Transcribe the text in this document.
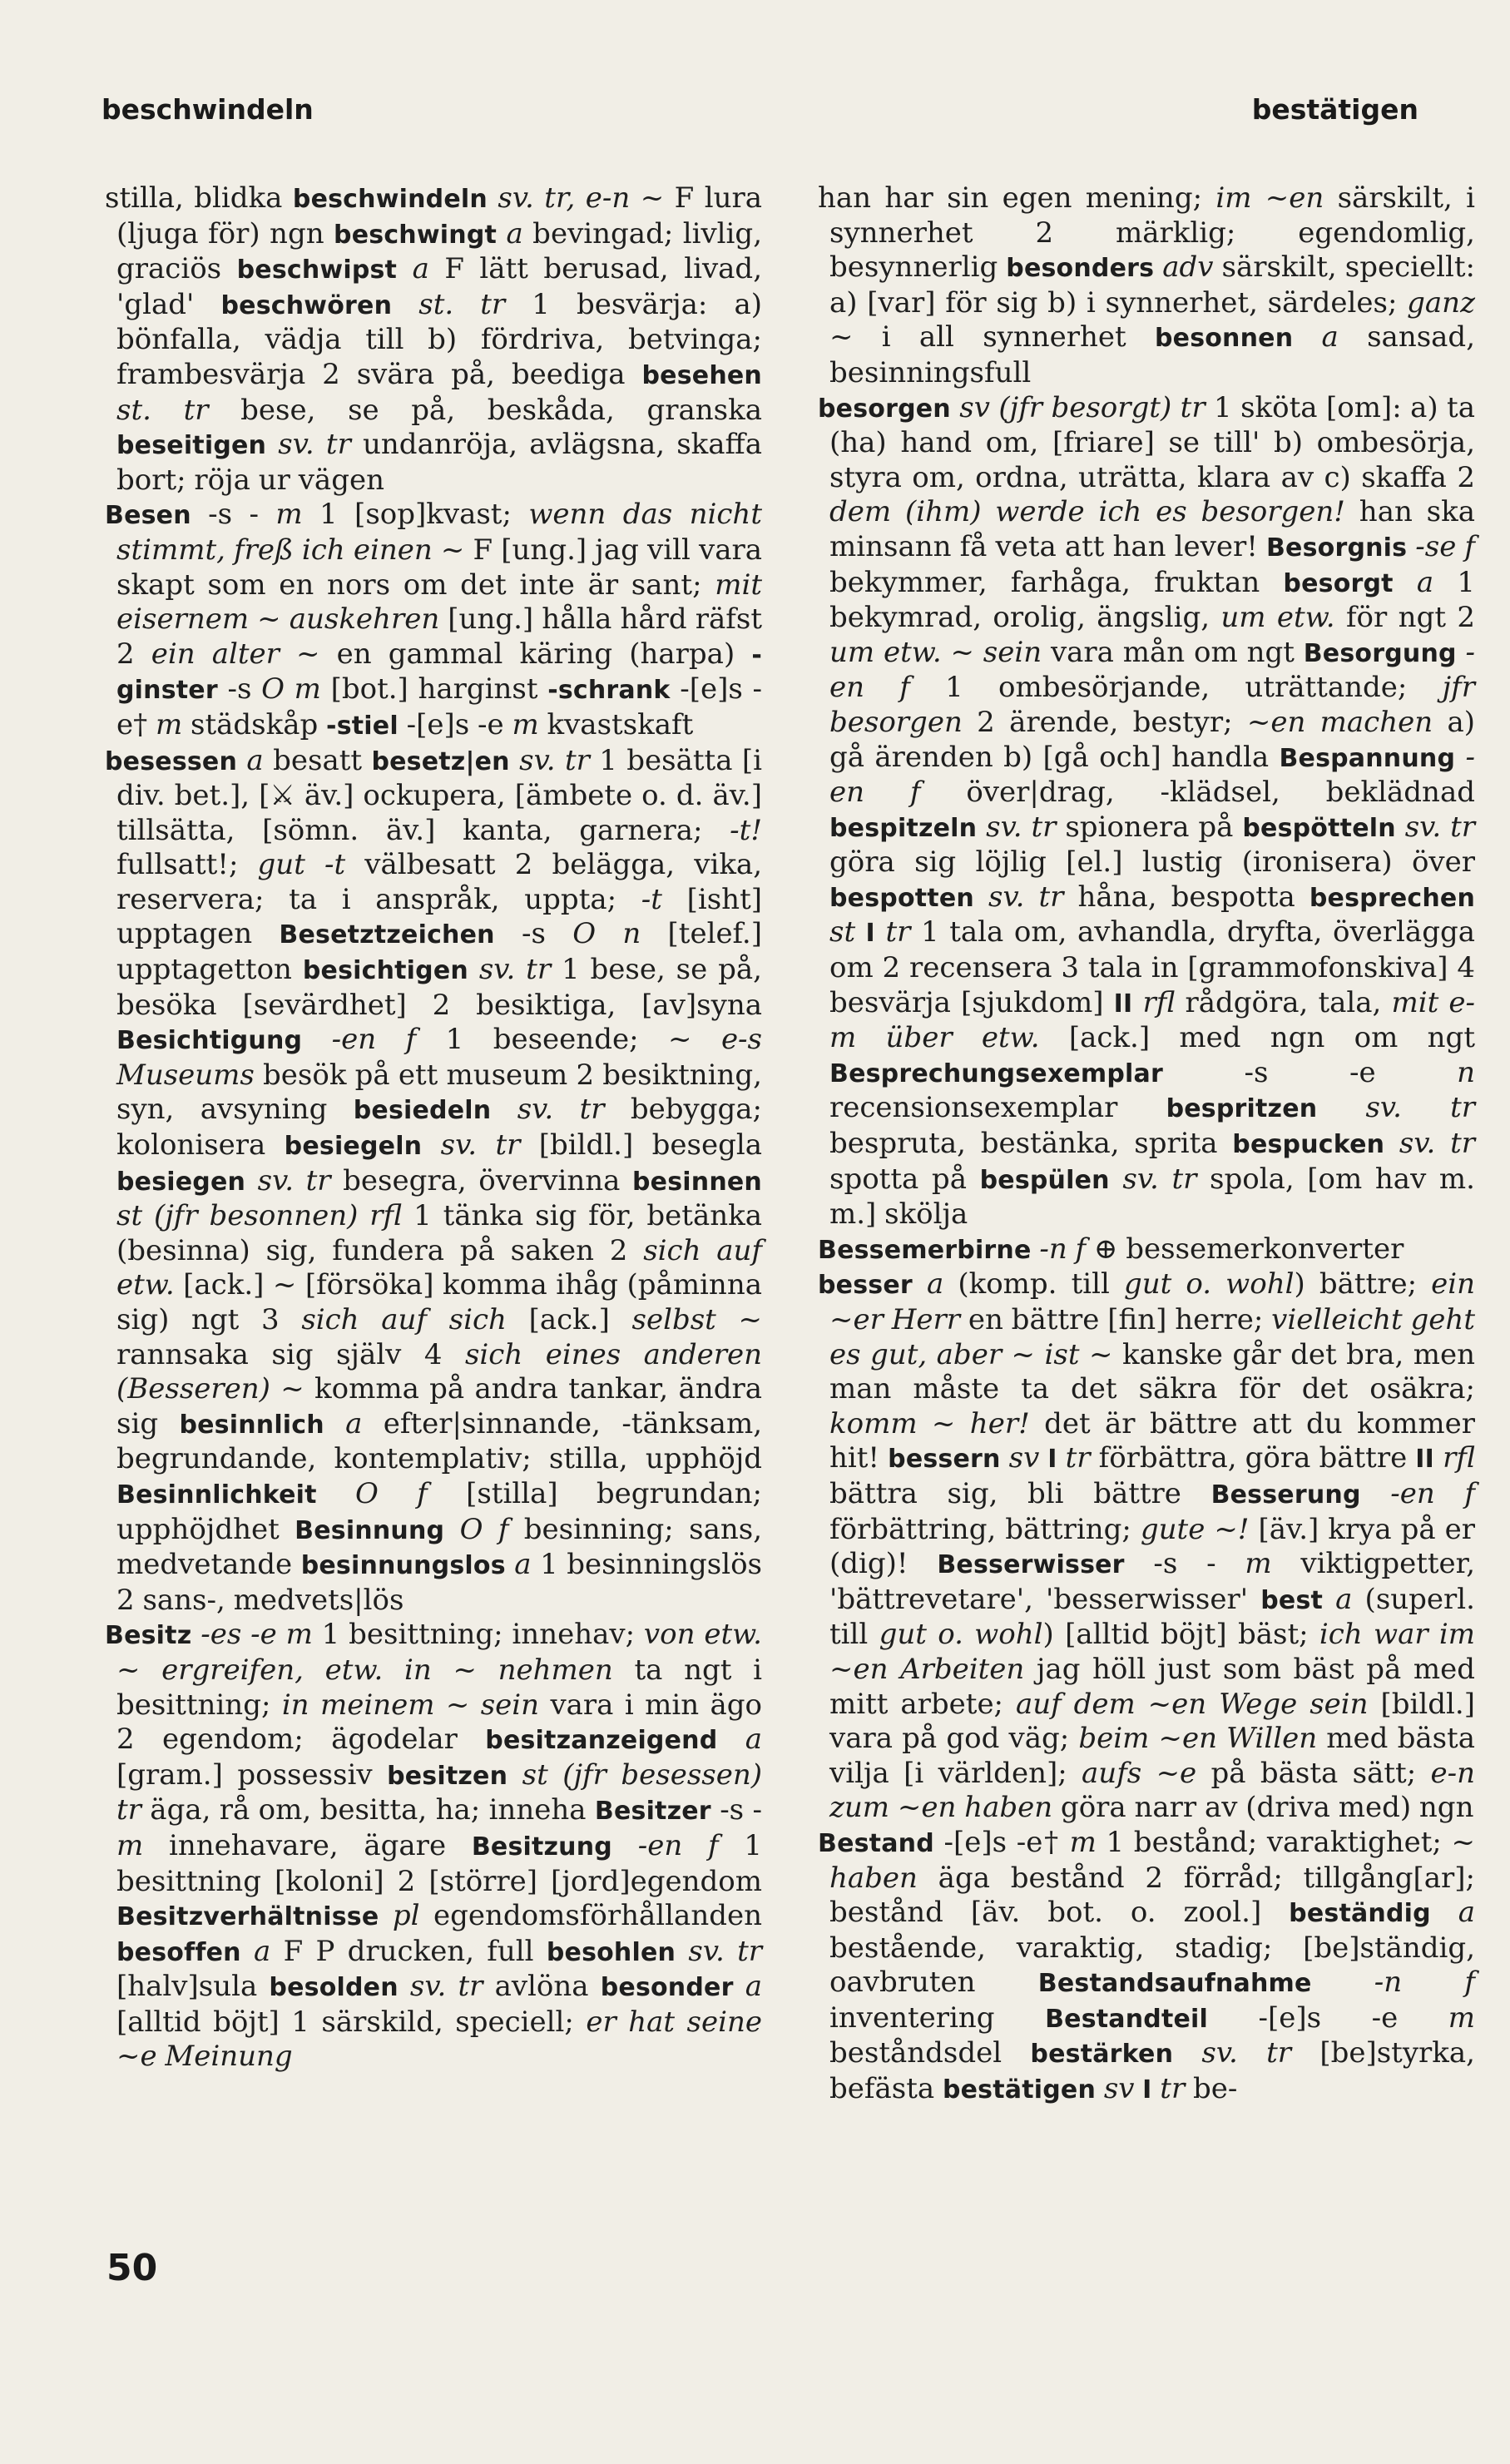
beschwindeln	bestätigen

stilla, blidka beschwindeln sv. tr, e-n ~ F lura (ljuga för) ngn beschwingt a bevingad; livlig, graciös beschwipst a F lätt berusad, livad, 'glad' beschwören st. tr 1 besvärja: a) bönfalla, vädja till b) fördriva, betvinga; frambesvärja 2 svära på, beediga besehen st. tr bese, se på, beskåda, granska beseitigen sv. tr undanröja, avlägsna, skaffa bort; röja ur vägen

Besen -s - m 1 [sop]kvast; wenn das nicht stimmt, freß ich einen ~ F [ung.] jag vill vara skapt som en nors om det inte är sant; mit eisernem ~ auskehren [ung.] hålla hård räfst 2 ein alter ~ en gammal käring (harpa) -ginster -s O m [bot.] harginst -schrank -[e]s -e† m städskåp -stiel -[e]s -e m kvastskaft

besessen a besatt besetz|en sv. tr 1 besätta [i div. bet.], [⚔ äv.] ockupera, [ämbete o. d. äv.] tillsätta, [sömn. äv.] kanta, garnera; -t! fullsatt!; gut -t välbesatt 2 belägga, vika, reservera; ta i anspråk, uppta; -t [isht] upptagen Besetztzeichen -s O n [telef.] upptagetton besichtigen sv. tr 1 bese, se på, besöka [sevärdhet] 2 besiktiga, [av]syna Besichtigung -en f 1 beseende; ~ e-s Museums besök på ett museum 2 besiktning, syn, avsyning besiedeln sv. tr bebygga; kolonisera besiegeln sv. tr [bildl.] besegla besiegen sv. tr besegra, övervinna besinnen st (jfr besonnen) rfl 1 tänka sig för, betänka (besinna) sig, fundera på saken 2 sich auf etw. [ack.] ~ [försöka] komma ihåg (påminna sig) ngt 3 sich auf sich [ack.] selbst ~ rannsaka sig själv 4 sich eines anderen (Besseren) ~ komma på andra tankar, ändra sig besinnlich a efter|sinnande, -tänksam, begrundande, kontemplativ; stilla, upphöjd Besinnlichkeit O f [stilla] begrundan; upphöjdhet Besinnung O f besinning; sans, medvetande besinnungslos a 1 besinningslös 2 sans-, medvets|lös

Besitz -es -e m 1 besittning; innehav; von etw. ~ ergreifen, etw. in ~ nehmen ta ngt i besittning; in meinem ~ sein vara i min ägo 2 egendom; ägodelar besitzanzeigend a [gram.] possessiv besitzen st (jfr besessen) tr äga, rå om, besitta, ha; inneha Besitzer -s - m innehavare, ägare Besitzung -en f 1 besittning [koloni] 2 [större] [jord]egendom Besitzverhältnisse pl egendomsförhållanden besoffen a F P drucken, full besohlen sv. tr [halv]sula besolden sv. tr avlöna besonder a [alltid böjt] 1 särskild, speciell; er hat seine ~e Meinung

han har sin egen mening; im ~en särskilt, i synnerhet 2 märklig; egendomlig, besynnerlig besonders adv särskilt, speciellt: a) [var] för sig b) i synnerhet, särdeles; ganz ~ i all synnerhet besonnen a sansad, besinningsfull

besorgen sv (jfr besorgt) tr 1 sköta [om]: a) ta (ha) hand om, [friare] se till' b) ombesörja, styra om, ordna, uträtta, klara av c) skaffa 2 dem (ihm) werde ich es besorgen! han ska minsann få veta att han lever! Besorgnis -se f bekymmer, farhåga, fruktan besorgt a 1 bekymrad, orolig, ängslig, um etw. för ngt 2 um etw. ~ sein vara mån om ngt Besorgung -en f 1 ombesörjande, uträttande; jfr besorgen 2 ärende, bestyr; ~en machen a) gå ärenden b) [gå och] handla Bespannung -en f över|drag, -klädsel, beklädnad bespitzeln sv. tr spionera på bespötteln sv. tr göra sig löjlig [el.] lustig (ironisera) över bespotten sv. tr håna, bespotta besprechen st I tr 1 tala om, avhandla, dryfta, överlägga om 2 recensera 3 tala in [grammofonskiva] 4 besvärja [sjukdom] II rfl rådgöra, tala, mit e-m über etw. [ack.] med ngn om ngt Besprechungsexemplar -s -e n recensionsexemplar bespritzen sv. tr bespruta, bestänka, sprita bespucken sv. tr spotta på bespülen sv. tr spola, [om hav m. m.] skölja

Bessemerbirne -n f ⊕ bessemerkonverter

besser a (komp. till gut o. wohl) bättre; ein ~er Herr en bättre [fin] herre; vielleicht geht es gut, aber ~ ist ~ kanske går det bra, men man måste ta det säkra för det osäkra; komm ~ her! det är bättre att du kommer hit! bessern sv I tr förbättra, göra bättre II rfl bättra sig, bli bättre Besserung -en f förbättring, bättring; gute ~! [äv.] krya på er (dig)! Besserwisser -s - m viktigpetter, 'bättrevetare', 'besserwisser' best a (superl. till gut o. wohl) [alltid böjt] bäst; ich war im ~en Arbeiten jag höll just som bäst på med mitt arbete; auf dem ~en Wege sein [bildl.] vara på god väg; beim ~en Willen med bästa vilja [i världen]; aufs ~e på bästa sätt; e-n zum ~en haben göra narr av (driva med) ngn

Bestand -[e]s -e† m 1 bestånd; varaktighet; ~ haben äga bestånd 2 förråd; tillgång[ar]; bestånd [äv. bot. o. zool.] beständig a bestående, varaktig, stadig; [be]ständig, oavbruten Bestandsaufnahme -n f inventering Bestandteil -[e]s -e m beståndsdel bestärken sv. tr [be]styrka, befästa bestätigen sv I tr be-

50
